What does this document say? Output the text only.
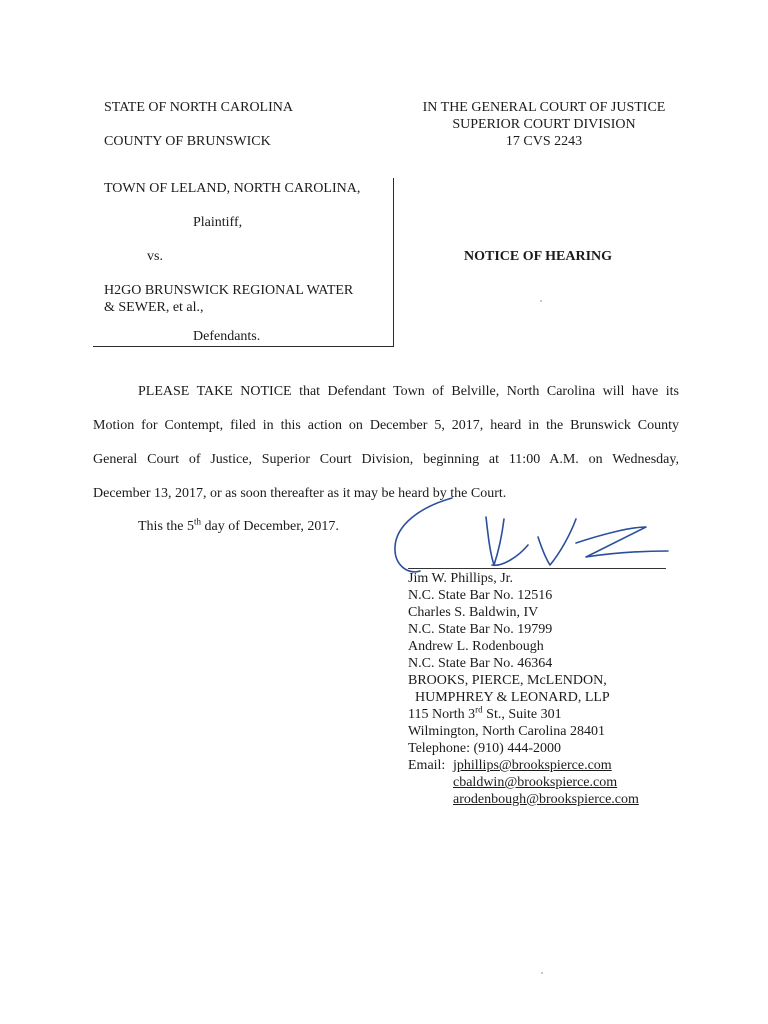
STATE OF NORTH CAROLINA
COUNTY OF BRUNSWICK
IN THE GENERAL COURT OF JUSTICE
SUPERIOR COURT DIVISION
17 CVS 2243
TOWN OF LELAND, NORTH CAROLINA,
Plaintiff,
vs.
H2GO BRUNSWICK REGIONAL WATER
& SEWER, et al.,
Defendants.
NOTICE OF HEARING
PLEASE TAKE NOTICE that Defendant Town of Belville, North Carolina will have its
Motion for Contempt, filed in this action on December 5, 2017, heard in the Brunswick County
General Court of Justice, Superior Court Division, beginning at 11:00 A.M. on Wednesday,
December 13, 2017, or as soon thereafter as it may be heard by the Court.
This the 5th day of December, 2017.
Jim W. Phillips, Jr.
N.C. State Bar No. 12516
Charles S. Baldwin, IV
N.C. State Bar No. 19799
Andrew L. Rodenbough
N.C. State Bar No. 46364
BROOKS, PIERCE, McLENDON,
HUMPHREY & LEONARD, LLP
115 North 3rd St., Suite 301
Wilmington, North Carolina 28401
Telephone: (910) 444-2000
Email: jphillips@brookspierce.com
cbaldwin@brookspierce.com
arodenbough@brookspierce.com
